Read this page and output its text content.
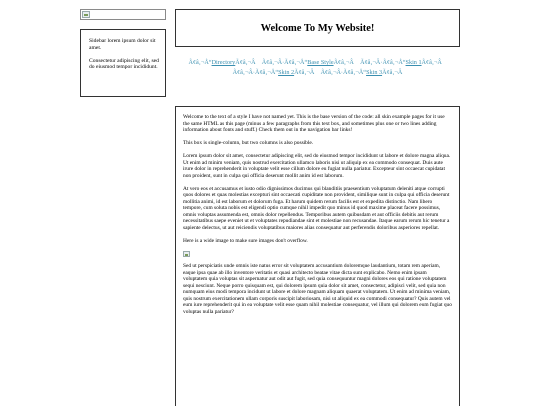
Sidebar lorem ipsum dolor sit amet.

Consectetur adipiscing elit, sed do eiusmod tempor incididunt.

Welcome To My Website!
Ã¢â‚¬Å“DirectoryÃ¢â‚¬Â Ã¢â‚¬Â·Ã¢â‚¬Å“Base StyleÃ¢â‚¬Â Ã¢â‚¬Â·Ã¢â‚¬Å“Skin 1Ã¢â‚¬Â    Ã¢â‚¬Â·Ã¢â‚¬Å“Skin 2Ã¢â‚¬Â Ã¢â‚¬Â·Ã¢â‚¬Å“Skin 3Ã¢â‚¬Â

Welcome to the text of a style I have not named yet. This is the base version of the code: all skin example pages for it use the same HTML as this page (minus a few paragraphs from this text box, and sometimes plus one or two lines adding information about fonts and stuff.) Check them out in the navigation bar links!

This box is single-column, but two columns is also possible.

Lorem ipsum dolor sit amet, consectetur adipiscing elit, sed do eiusmod tempor incididunt ut labore et dolore magna aliqua. Ut enim ad minim veniam, quis nostrud exercitation ullamco laboris nisi ut aliquip ex ea commodo consequat. Duis aute irure dolor in reprehenderit in voluptate velit esse cillum dolore eu fugiat nulla pariatur. Excepteur sint occaecat cupidatat non proident, sunt in culpa qui officia deserunt mollit anim id est laborum.

At vero eos et accusamus et iusto odio dignissimos ducimus qui blanditiis praesentium voluptatum deleniti atque corrupti quos dolores et quas molestias excepturi sint occaecati cupiditate non provident, similique sunt in culpa qui officia deserunt mollitia animi, id est laborum et dolorum fuga. Et harum quidem rerum facilis est et expedita distinctio. Nam libero tempore, cum soluta nobis est eligendi optio cumque nihil impedit quo minus id quod maxime placeat facere possimus, omnis voluptas assumenda est, omnis dolor repellendus. Temporibus autem quibusdam et aut officiis debitis aut rerum necessitatibus saepe eveniet ut et voluptates repudiandae sint et molestiae non recusandae. Itaque earum rerum hic tenetur a sapiente delectus, ut aut reiciendis voluptatibus maiores alias consequatur aut perferendis doloribus asperiores repellat.

Here is a wide image to make sure images don't overflow.

Sed ut perspiciatis unde omnis iste natus error sit voluptatem accusantium doloremque laudantium, totam rem aperiam, eaque ipsa quae ab illo inventore veritatis et quasi architecto beatae vitae dicta sunt explicabo. Nemo enim ipsam voluptatem quia voluptas sit aspernatur aut odit aut fugit, sed quia consequuntur magni dolores eos qui ratione voluptatem sequi nesciunt. Neque porro quisquam est, qui dolorem ipsum quia dolor sit amet, consectetur, adipisci velit, sed quia non numquam eius modi tempora incidunt ut labore et dolore magnam aliquam quaerat voluptatem. Ut enim ad minima veniam, quis nostrum exercitationem ullam corporis suscipit laboriosam, nisi ut aliquid ex ea commodi consequatur? Quis autem vel eum iure reprehenderit qui in ea voluptate velit esse quam nihil molestiae consequatur, vel illum qui dolorem eum fugiat quo voluptas nulla pariatur?
